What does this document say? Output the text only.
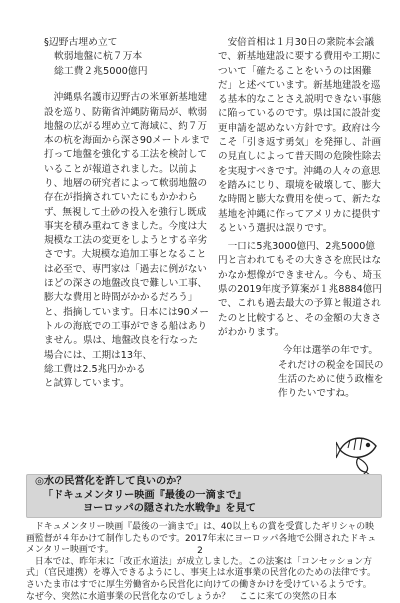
§辺野古埋め立て

軟弱地盤に杭７万本

総工費２兆5000億円

沖縄県名護市辺野古の米軍新基地建設を巡り、防衛省沖縄防衛局が、軟弱地盤の広がる埋め立て海域に、約７万本の杭を海面から深さ90メートルまで打って地盤を強化する工法を検討していることが報道されました。以前より、地層の研究者によって軟弱地盤の存在が指摘されていたにもかかわらず、無視して土砂の投入を強行し既成事実を積み重ねてきました。今度は大規模な工法の変更をしようとする辛劣さです。大規模な追加工事となることは必至で、専門家は「過去に例がないほどの深さの地盤改良で難しい工事、膨大な費用と時間がかかるだろう」と、指摘しています。日本には90メートルの海底での工事ができる船はありません。県は、地盤改良を行なった

場合には、工期は13年、
総工費は2.5兆円かかる
と試算しています。

安倍首相は１月30日の衆院本会議で、新基地建設に要する費用や工期について「確たることをいうのは困難だ」と述べています。新基地建設を巡る基本的なことさえ説明できない事態に陥っているのです。県は国に設計変更申請を認めない方針です。政府は今こそ「引き返す勇気」を発揮し、計画の見直しによって普天間の危険性除去を実現すべきです。沖縄の人々の意思を踏みにじり、環境を破壊して、膨大な時間と膨大な費用を使って、新たな基地を沖縄に作ってアメリカに提供するという選択は誤りです。

一口に5兆3000億円、2兆5000億円と言われてもその大きさを庶民はなかなか想像ができません。今も、埼玉県の2019年度予算案が１兆8884億円で、これも過去最大の予算と報道されたのと比較すると、その金額の大きさがわかります。

今年は選挙の年です。それだけの税金を国民の生活のために使う政権を作りたいですね。

◎水の民営化を許して良いのか？

「ドキュメンタリー映画『最後の一滴まで』

ヨーロッパの隠された水戦争』を見て

ドキュメンタリー映画『最後の一滴まで』は、40以上もの賞を受賞したギリシャの映画監督が４年かけて制作したものです。2017年末にヨーロッパ各地で公開されたドキュメンタリー映画です。

日本では、昨年末に「改正水道法」が成立しました。この法案は「コンセッション方式」（官民連携）を導入できるようにし、事実上は水道事業の民営化のための法律です。さいたま市はすでに厚生労働省から民営化に向けての働きかけを受けているようです。なぜ今、突然に水道事業の民営化なのでしょうか？　ここに来ての突然の日本

2
